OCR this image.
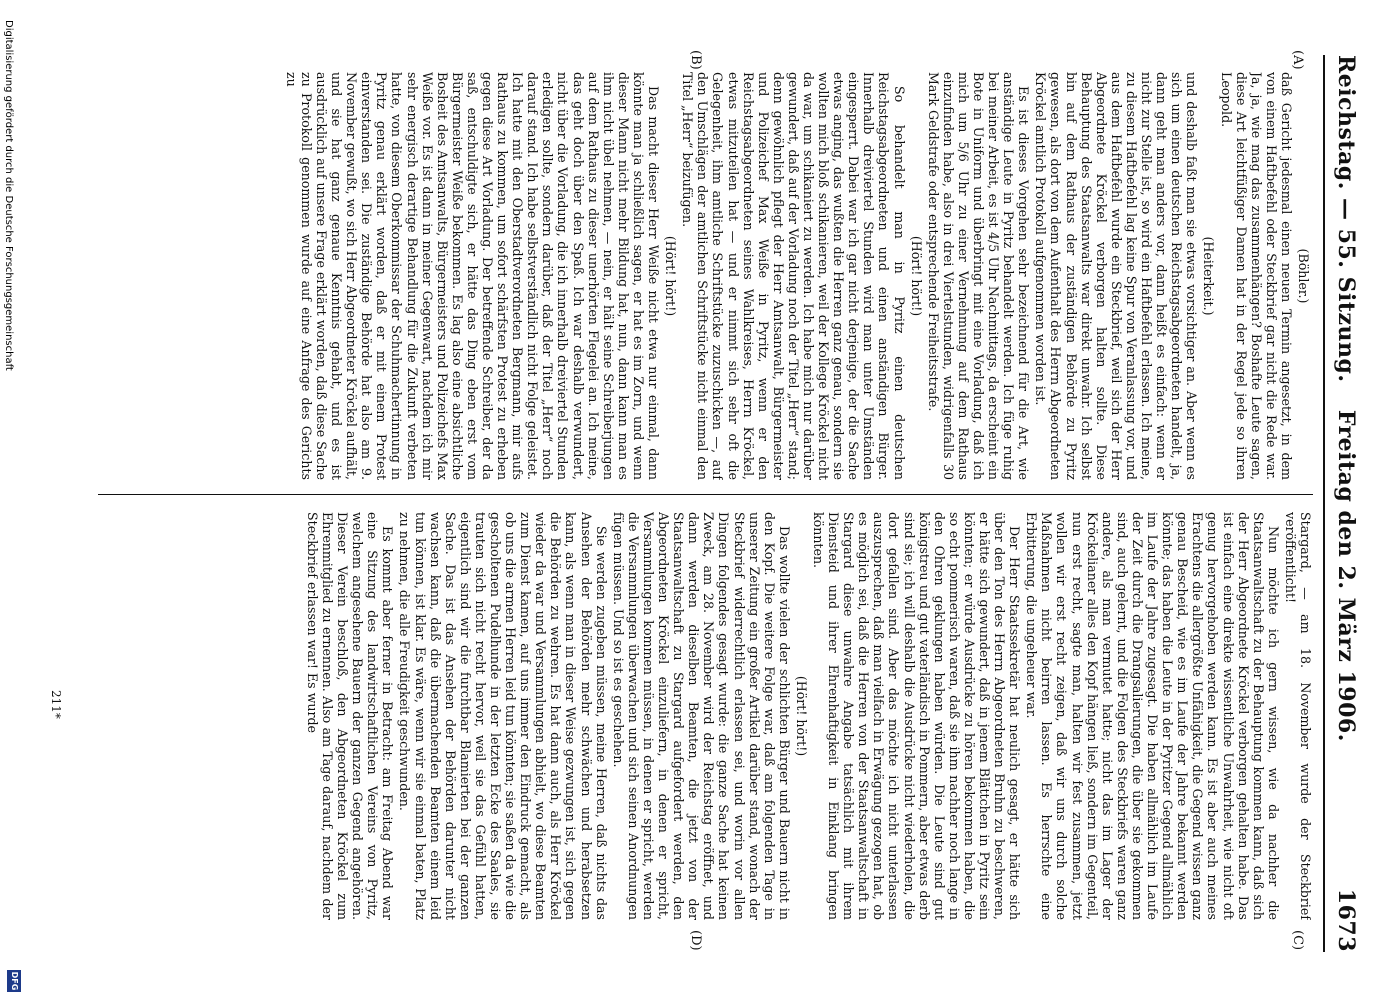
Reichstag. — 55. Sitzung.
Freitag den 2. März 1906.                  1673
(A)
(B)
(C)
(D)

(Böhler.)

daß Gericht jedesmal einen neuen Termin angesetzt, in dem von einem Haftbefehl oder Steckbrief gar nicht die Rede war. Ja, ja, wie mag das zusammenhängen? Boshafte Leute sagen, diese Art leichtfüßiger Damen hat in der Regel jede so ihren Leopold.

(Heiterkeit.)

und deshalb faßt man sie etwas vorsichtiger an. Aber wenn es sich um einen deutschen Reichstagsabgeordneten handelt, ja, dann geht man anders vor, dann heißt es einfach: wenn er nicht zur Stelle ist, so wird ein Haftbefehl erlassen. Ich meine, zu diesem Haftbefehl lag keine Spur von Veranlassung vor, und aus dem Haftbefehl wurde ein Steckbrief, weil sich der Herr Abgeordnete Kröckel verborgen halten sollte. Diese Behauptung des Staatsanwalts war direkt unwahr. Ich selbst bin auf dem Rathaus der zuständigen Behörde zu Pyritz gewesen, als dort von dem Aufenthalt des Herrn Abgeordneten Kröckel amtlich Protokoll aufgenommen worden ist.

Es ist dieses Vorgehen sehr bezeichnend für die Art, wie anständige Leute in Pyritz behandelt werden. Ich füge ruhig bei meiner Arbeit, es ist 4/5 Uhr Nachmittags, da erscheint ein Bote in Uniform und überbringt mit eine Vorladung, daß ich mich um 5/6 Uhr zu einer Vernehmung auf dem Rathaus einzufinden habe, also in drei Viertelstunden, widrigenfalls 30 Mark Geldstrafe oder entsprechende Freiheitsstrafe.

(Hört! hört!)

So behandelt man in Pyritz einen deutschen Reichstagsabgeordneten und einen anständigen Bürger. Innerhalb dreiviertel Stunden wird man unter Umständen eingesperrt. Dabei war ich gar nicht derjenige, der die Sache etwas anging, das wußten die Herren ganz genau, sondern sie wollten mich bloß schikanieren, weil der Kollege Kröckel nicht da war, um schikaniert zu werden. Ich habe mich nur darüber gewundert, daß auf der Vorladung noch der Titel „Herr“ stand; denn gewöhnlich pflegt der Herr Amtsanwalt, Bürgermeister und Polizeichef Max Weiße in Pyritz, wenn er den Reichstagsabgeordneten seines Wahlkreises, Herrn Kröckel, etwas mitzuteilen hat — und er nimmt sich sehr oft die Gelegenheit, ihm amtliche Schriftstücke zuzuschicken —, auf den Umschlägen der amtlichen Schriftstücke nicht einmal den Titel „Herr“ beizufügen.

(Hört! hört!)

Das macht dieser Herr Weiße nicht etwa nur einmal, dann könnte man ja schließlich sagen, er hat es im Zorn, und wenn dieser Mann nicht mehr Bildung hat, nun, dann kann man es ihm nicht übel nehmen, — nein, er hält seine Schreiberjungen auf dem Rathaus zu dieser unerhörten Flegelei an. Ich meine, das geht doch über den Spaß. Ich war deshalb verwundert, nicht über die Vorladung, die ich innerhalb dreiviertel Stunden erledigen sollte, sondern darüber, daß der Titel „Herr“ noch darauf stand. Ich habe selbstverständlich nicht Folge geleistet. Ich hatte mit den Oberstadtverordneten Bergmann, mir aufs Rathaus zu kommen, um sofort schärfsten Protest zu erheben gegen diese Art Vorladung. Der betreffende Schreiber, der da saß, entschuldigte sich, er hätte das Ding eben erst vom Bürgermeister Weiße bekommen. Es lag also eine absichtliche Bosheit des Amtsanwalts, Bürgermeisters und Polizeichefs Max Weiße vor. Es ist dann in meiner Gegenwart, nachdem ich mir sehr energisch derartige Behandlung für die Zukunft verbeten hatte, von diesem Oberkommissar der Schuhmachertinnung in Pyritz genau erklärt worden, daß er mit einem Protest einverstanden sei. Die zuständige Behörde hat also am 9. November gewußt, wo sich Herr Abgeordneter Kröckel aufhält, und sie hat ganz genaue Kenntnis gehabt, und es ist ausdrücklich auf unsere Frage erklärt worden, daß diese Sache zu Protokoll genommen wurde auf eine Anfrage des Gerichts zu

Stargard, — am 18. November wurde der Steckbrief veröffentlicht!

Nun möchte ich gern wissen, wie da nachher die Staatsanwaltschaft zu der Behauptung kommen kann, daß sich der Herr Abgeordnete Kröckel verborgen gehalten habe. Das ist einfach eine direkte wissentliche Unwahrheit, wie nicht oft genug hervorgehoben werden kann. Es ist aber auch meines Erachtens die allergrößte Unfähigkeit, die Gegend wissen ganz genau Bescheid, wie es im Laufe der Jahre bekannt werden könnte; das haben die Leute in der Pyritzer Gegend allmählich im Laufe der Jahre zugesagt. Die haben allmählich im Laufe der Zeit durch die Drangsalierungen, die über sie gekommen sind, auch gelernt, und die Folgen des Steckbriefs waren ganz andere, als man vermutet hatte; nicht das im Lager der Kröckelianer alles den Kopf hängen ließ, sondern im Gegenteil, nun erst recht, sagte man, halten wir fest zusammen, jetzt wollen wir erst recht zeigen, daß wir uns durch solche Maßnahmen nicht beirren lassen. Es herrschte eine Erbitterung, die ungeheuer war.

Der Herr Staatssekretär hat neulich gesagt, er hätte sich über den Ton des Herrn Abgeordneten Bruhn zu beschweren, er hätte sich gewundert, daß in jenem Blättchen in Pyritz sein könnten; er würde Ausdrücke zu hören bekommen haben, die so echt pommerisch waren, daß sie ihm nachher noch lange in den Ohren geklungen haben würden. Die Leute sind gut königstreu und gut vaterländisch in Pommern, aber etwas derb sind sie; ich will deshalb die Ausdrücke nicht wiederholen, die dort gefallen sind. Aber das möchte ich nicht unterlassen auszusprechen, daß man vielfach in Erwägung gezogen hat, ob es möglich sei, daß die Herren von der Staatsanwaltschaft in Stargard diese unwahre Angabe tatsächlich mit ihrem Diensteid und ihrer Ehrenhaftigkeit in Einklang bringen könnten.

(Hört! hört!)

Das wollte vielen der schlichten Bürger und Bauern nicht in den Kopf. Die weitere Folge war, daß am folgenden Tage in unserer Zeitung ein großer Artikel darüber stand, wonach der Steckbrief widerrechtlich erlassen sei, und worin vor allen Dingen folgendes gesagt wurde: die ganze Sache hat keinen Zweck, am 28. November wird der Reichstag eröffnet, und dann werden dieselben Beamten, die jetzt von der Staatsanwaltschaft zu Stargard aufgefordert werden, den Abgeordneten Kröckel einzuliefern, in denen er spricht, Versammlungen kommen müssen, in denen er spricht, werden die Versammlungen überwachen und sich seinen Anordnungen fügen müssen. Und so ist es geschehen.

Sie werden zugeben müssen, meine Herren, daß nichts das Ansehen der Behörden mehr schwächen und herabsetzen kann, als wenn man in dieser Weise gezwungen ist, sich gegen die Behörden zu wehren. Es hat dann auch, als Herr Kröckel wieder da war und Versammlungen abhielt, wo diese Beamten zum Dienst kamen, auf uns immer den Eindruck gemacht, als ob uns die armen Herren leid tun könnten; sie saßen da wie die gescholtenen Pudelhunde in der letzten Ecke des Saales, sie trauten sich nicht recht hervor, weil sie das Gefühl hatten, eigentlich sind wir die furchtbar Blamierten bei der ganzen Sache. Das ist das Ansehen der Behörden darunter nicht wachsen kann, daß die übermachenden Beamten einem leid tun können, ist klar. Es wäre, wenn wir sie einmal baten, Platz zu nehmen, die alle Freudigkeit geschwunden.

Es kommt aber ferner in Betracht: am Freitag Abend war eine Sitzung des landwirtschaftlichen Vereins von Pyritz, welchem angesehene Bauern der ganzen Gegend angehören. Dieser Verein beschloß, den Abgeordneten Kröckel zum Ehrenmitglied zu ernennen. Also am Tage darauf, nachdem der Steckbrief erlassen war! Es wurde

211*
Digitalisierung gefördert durch die Deutsche Forschungsgemeinschaft
DFG
